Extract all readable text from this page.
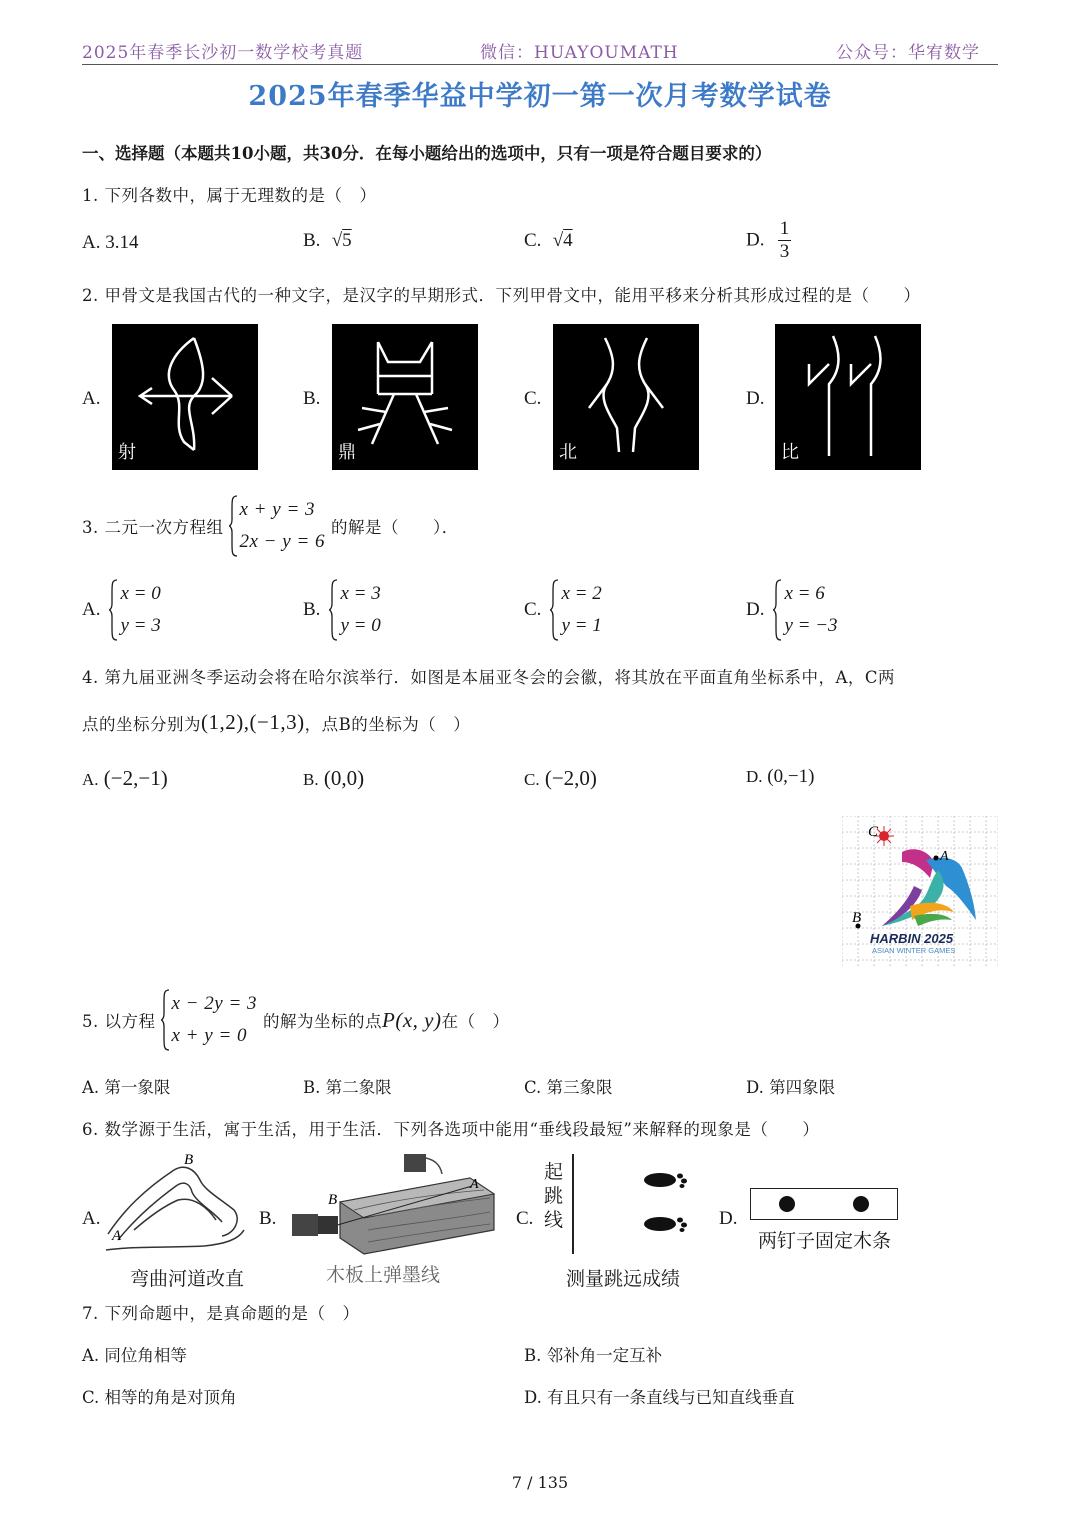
2025年春季长沙初一数学校考真题	微信：HUAYOUMATH	公众号：华宥数学
2025年春季华益中学初一第一次月考数学试卷
一、选择题（本题共10小题，共30分．在每小题给出的选项中，只有一项是符合题目要求的）
1. 下列各数中，属于无理数的是（　）
A. 3.14	B. √5	C. √4	D. $\frac{1}{3}$
2. 甲骨文是我国古代的一种文字，是汉字的早期形式．下列甲骨文中，能用平移来分析其形成过程的是（　　）
A.	B.	C.	D.
射	鼎	北	比
3. 二元一次方程组
x + y = 3
2x − y = 6
的解是（　　）．
A.
x = 0
y = 3
B.
x = 3
y = 0
C.
x = 2
y = 1
D.
x = 6
y = −3
4. 第九届亚洲冬季运动会将在哈尔滨举行．如图是本届亚冬会的会徽，将其放在平面直角坐标系中，A，C两
点的坐标分别为 (1,2),(−1,3) ，点B的坐标为（　）
A. (−2,−1)	B. (0,0)	C. (−2,0)	D. (0,−1)
C
A
B
HARBIN 2025
ASIAN WINTER GAMES
5. 以方程
x − 2y = 3
x + y = 0
的解为坐标的点 P(x, y) 在（　）
A. 第一象限	B. 第二象限	C. 第三象限	D. 第四象限
6. 数学源于生活，寓于生活，用于生活．下列各选项中能用“垂线段最短”来解释的现象是（　　）
A.
B
A
弯曲河道改直
B.
B
A
木板上弹墨线
C.
起
跳
线
测量跳远成绩
D.
两钉子固定木条
7. 下列命题中，是真命题的是（　）
A. 同位角相等	B. 邻补角一定互补
C. 相等的角是对顶角	D. 有且只有一条直线与已知直线垂直
7 / 135
